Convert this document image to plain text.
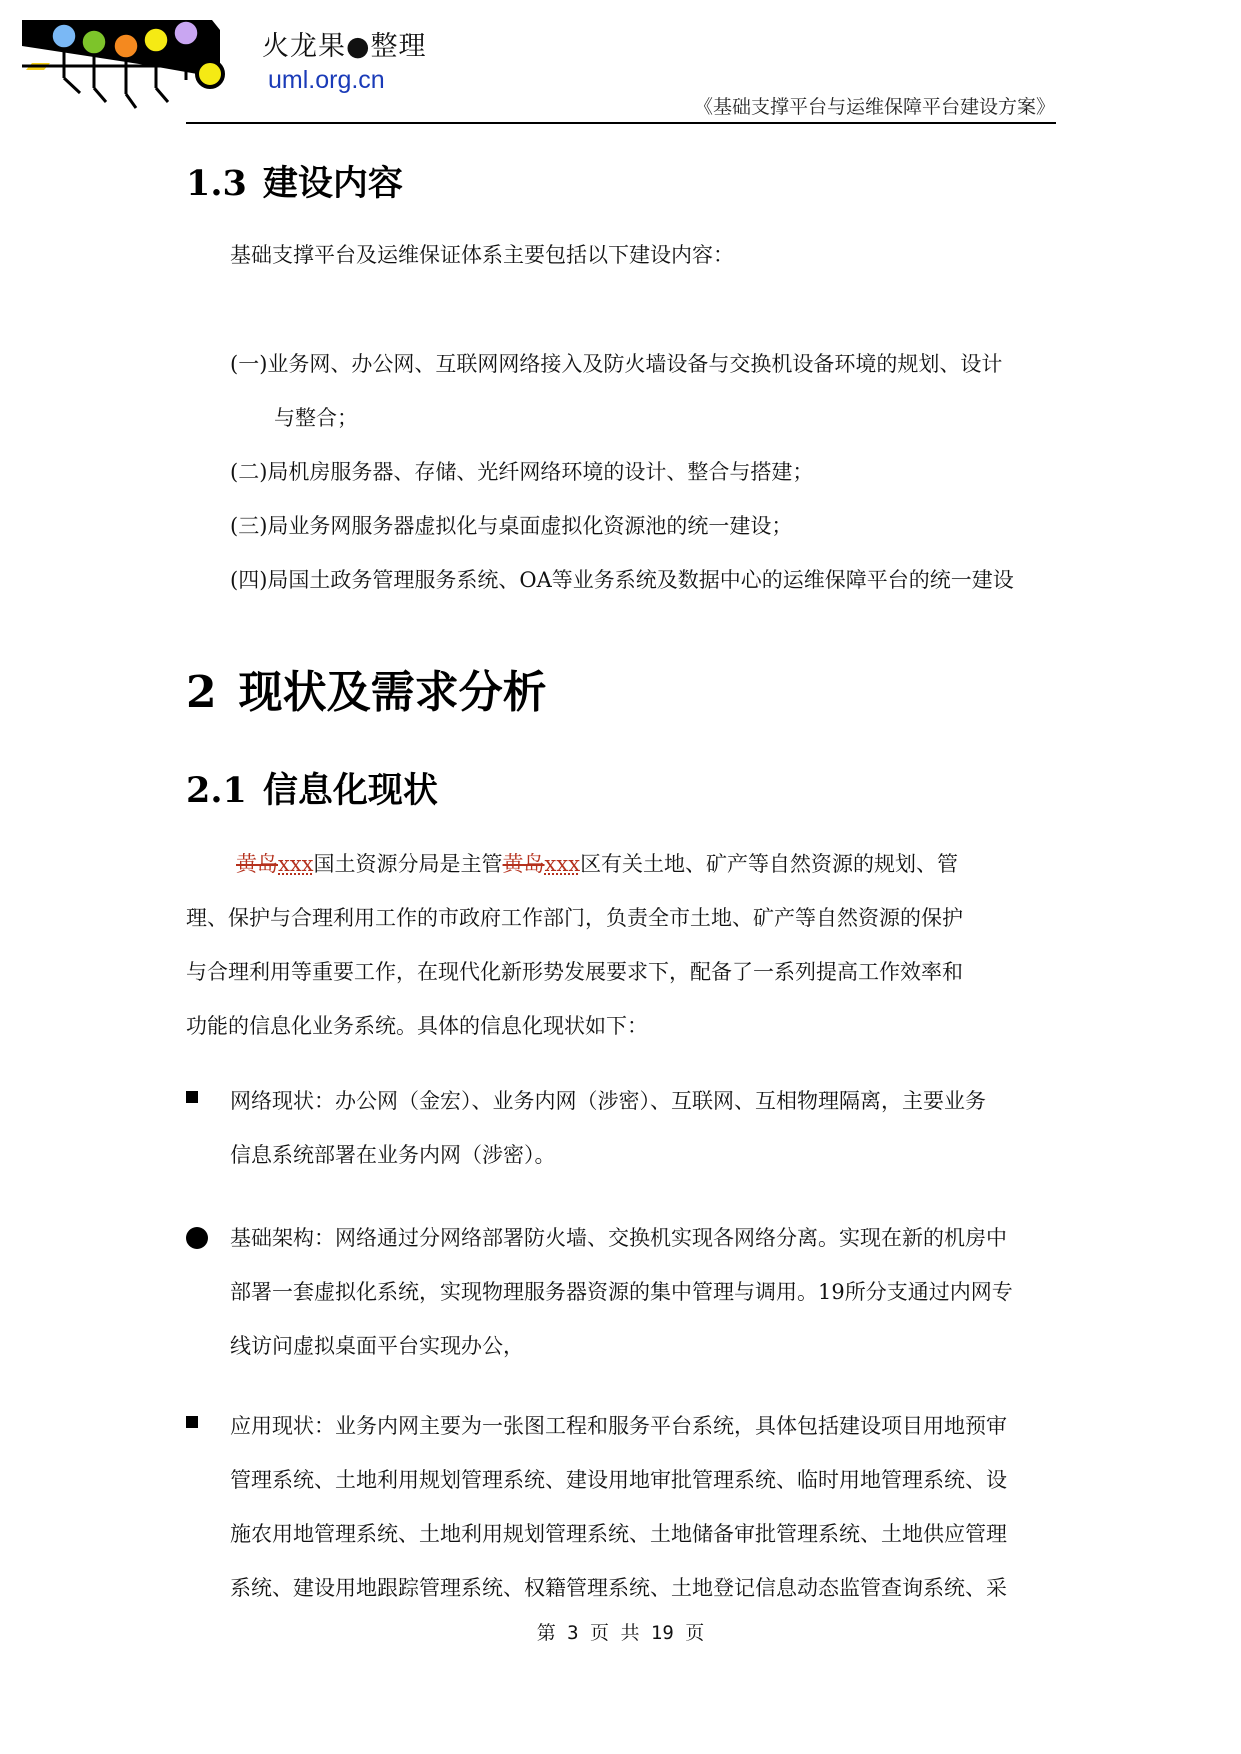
火龙果●整理
uml.org.cn
《基础支撑平台与运维保障平台建设方案》
1.3 建设内容
基础支撑平台及运维保证体系主要包括以下建设内容：
(一)业务网、办公网、互联网网络接入及防火墙设备与交换机设备环境的规划、设计
与整合；
(二)局机房服务器、存储、光纤网络环境的设计、整合与搭建；
(三)局业务网服务器虚拟化与桌面虚拟化资源池的统一建设；
(四)局国土政务管理服务系统、OA等业务系统及数据中心的运维保障平台的统一建设
2 现状及需求分析
2.1 信息化现状
黄岛xxx国土资源分局是主管黄岛xxx区有关土地、矿产等自然资源的规划、管
理、保护与合理利用工作的市政府工作部门，负责全市土地、矿产等自然资源的保护
与合理利用等重要工作，在现代化新形势发展要求下，配备了一系列提高工作效率和
功能的信息化业务系统。具体的信息化现状如下：
网络现状：办公网（金宏）、业务内网（涉密）、互联网、互相物理隔离，主要业务
信息系统部署在业务内网（涉密）。
基础架构：网络通过分网络部署防火墙、交换机实现各网络分离。实现在新的机房中
部署一套虚拟化系统，实现物理服务器资源的集中管理与调用。19所分支通过内网专
线访问虚拟桌面平台实现办公，
应用现状：业务内网主要为一张图工程和服务平台系统，具体包括建设项目用地预审
管理系统、土地利用规划管理系统、建设用地审批管理系统、临时用地管理系统、设
施农用地管理系统、土地利用规划管理系统、土地储备审批管理系统、土地供应管理
系统、建设用地跟踪管理系统、权籍管理系统、土地登记信息动态监管查询系统、采
第 3 页 共 19 页
